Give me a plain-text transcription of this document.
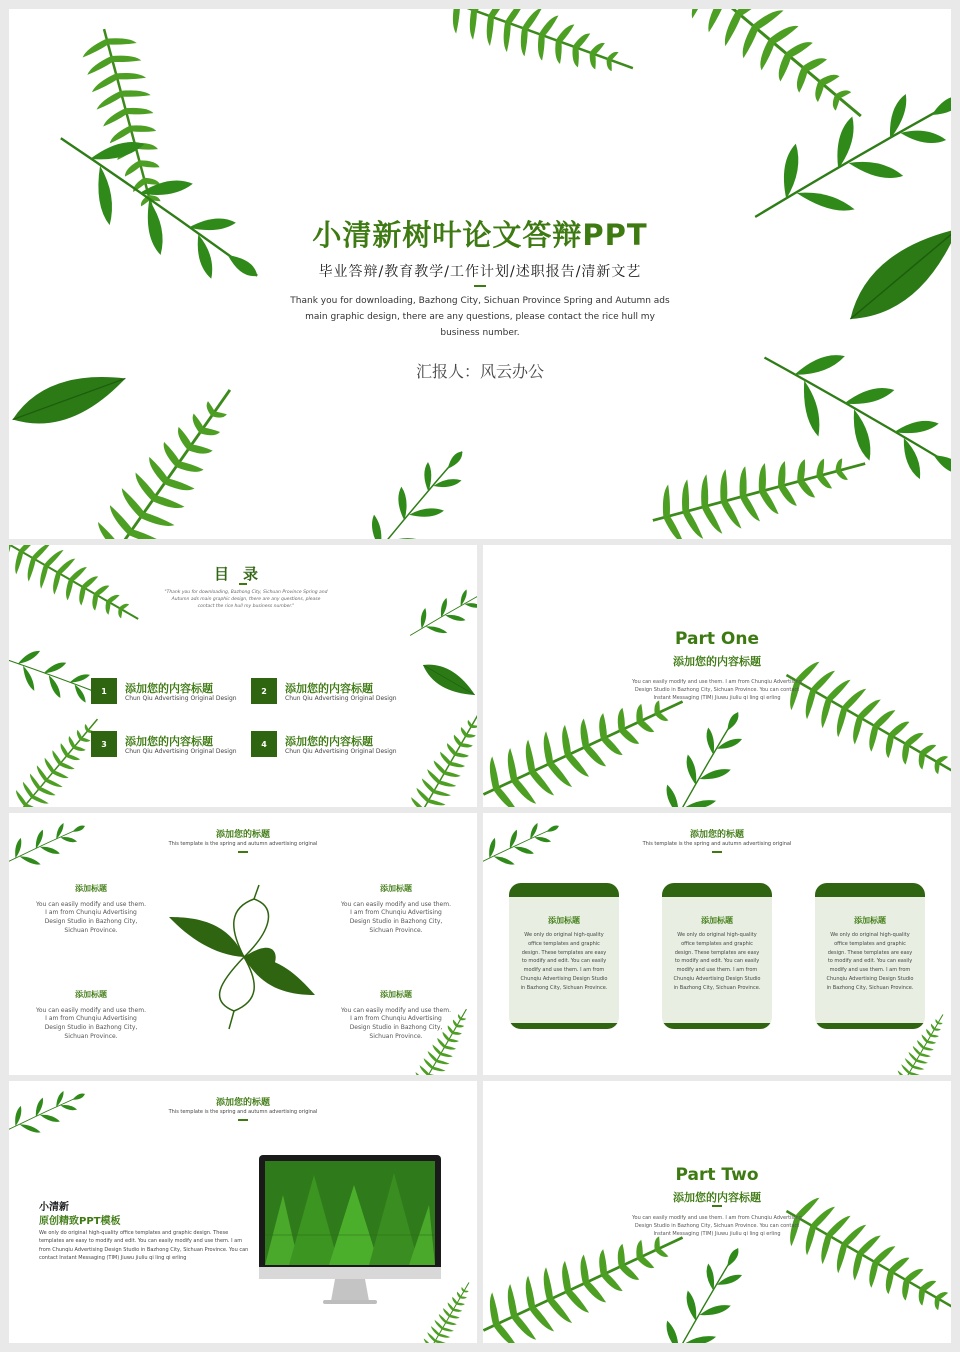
小清新树叶论文答辩PPT
毕业答辩/教育教学/工作计划/述职报告/清新文艺
Thank you for downloading, Bazhong City, Sichuan Province Spring and Autumn ads main graphic design, there are any questions, please contact the rice hull my business number.
汇报人：风云办公
目录
"Thank you for downloading, Bazhong City, Sichuan Province Spring and Autumn ads main graphic design, there are any questions, please contact the rice hull my business number."
1	添加您的内容标题
Chun Qiu Advertising Original Design
2	添加您的内容标题
Chun Qiu Advertising Original Design
3	添加您的内容标题
Chun Qiu Advertising Original Design
4	添加您的内容标题
Chun Qiu Advertising Original Design
Part One
添加您的内容标题
You can easily modify and use them. I am from Chunqiu Advertising Design Studio in Bazhong City, Sichuan Province. You can contact Instant Messaging (TIM) Jiuwu jiuliu qi ling qi erling
添加您的标题
This template is the spring and autumn advertising original
添加标题
You can easily modify and use them. I am from Chunqiu Advertising Design Studio in Bazhong City, Sichuan Province.
添加标题
You can easily modify and use them. I am from Chunqiu Advertising Design Studio in Bazhong City, Sichuan Province.
添加标题
You can easily modify and use them. I am from Chunqiu Advertising Design Studio in Bazhong City, Sichuan Province.
添加标题
You can easily modify and use them. I am from Chunqiu Advertising Design Studio in Bazhong City, Sichuan Province.
添加您的标题
This template is the spring and autumn advertising original
添加标题
We only do original high-quality office templates and graphic design. These templates are easy to modify and edit. You can easily modify and use them. I am from Chunqiu Advertising Design Studio in Bazhong City, Sichuan Province.
添加标题
We only do original high-quality office templates and graphic design. These templates are easy to modify and edit. You can easily modify and use them. I am from Chunqiu Advertising Design Studio in Bazhong City, Sichuan Province.
添加标题
We only do original high-quality office templates and graphic design. These templates are easy to modify and edit. You can easily modify and use them. I am from Chunqiu Advertising Design Studio in Bazhong City, Sichuan Province.
添加您的标题
This template is the spring and autumn advertising original
小清新
原创精致PPT模板
We only do original high-quality office templates and graphic design. These templates are easy to modify and edit. You can easily modify and use them. I am from Chunqiu Advertising Design Studio in Bazhong City, Sichuan Province. You can contact Instant Messaging (TIM) Jiuwu jiuliu qi ling qi erling
Part Two
添加您的内容标题
You can easily modify and use them. I am from Chunqiu Advertising Design Studio in Bazhong City, Sichuan Province. You can contact Instant Messaging (TIM) Jiuwu jiuliu qi ling qi erling
